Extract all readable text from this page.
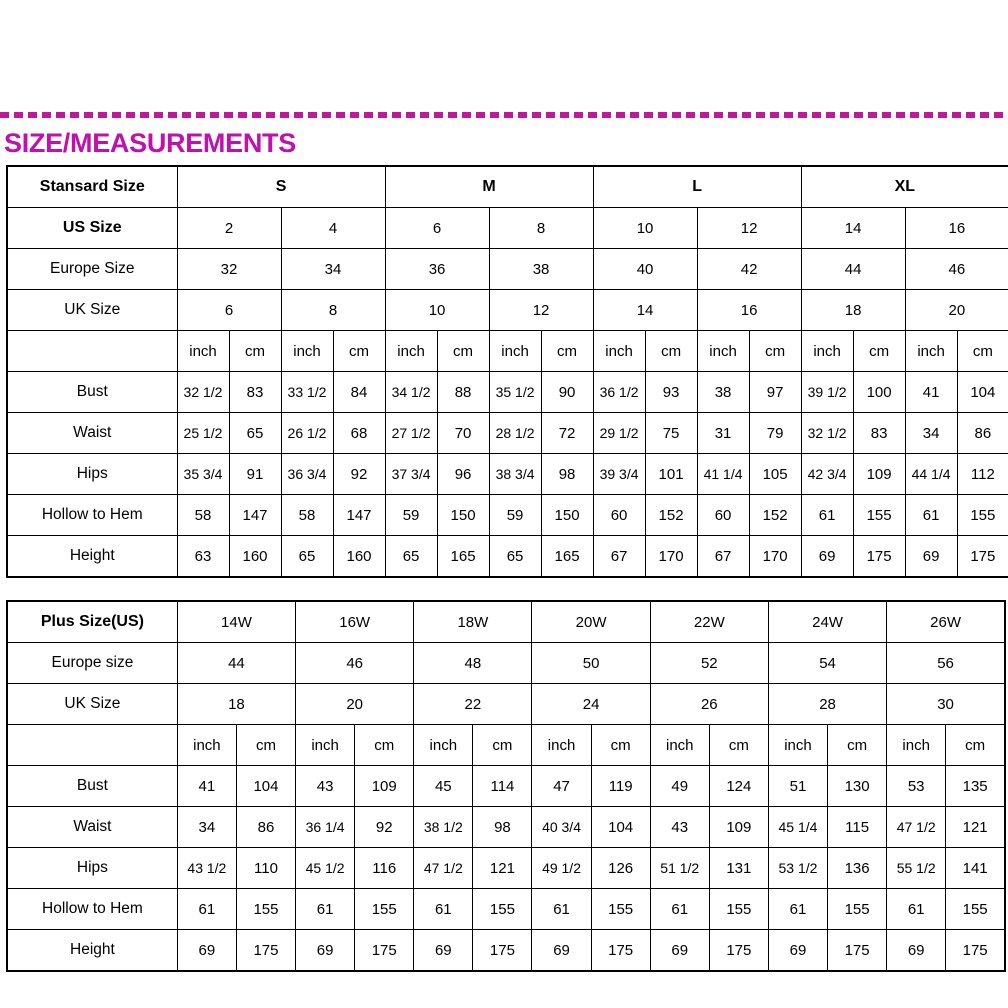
SIZE/MEASUREMENTS
Stansard Size	S				M				L				XL			
US Size	2		4		6		8		10		12		14		16	
Europe Size	32		34		36		38		40		42		44		46	
UK Size	6		8		10		12		14		16		18		20	
	inch	cm	inch	cm	inch	cm	inch	cm	inch	cm	inch	cm	inch	cm	inch	cm
Bust	32 1/2	83	33 1/2	84	34 1/2	88	35 1/2	90	36 1/2	93	38	97	39 1/2	100	41	104
Waist	25 1/2	65	26 1/2	68	27 1/2	70	28 1/2	72	29 1/2	75	31	79	32 1/2	83	34	86
Hips	35 3/4	91	36 3/4	92	37 3/4	96	38 3/4	98	39 3/4	101	41 1/4	105	42 3/4	109	44 1/4	112
Hollow to Hem	58	147	58	147	59	150	59	150	60	152	60	152	61	155	61	155
Height	63	160	65	160	65	165	65	165	67	170	67	170	69	175	69	175
Plus Size(US)	14W		16W		18W		20W		22W		24W		26W	
Europe size	44		46		48		50		52		54		56	
UK Size	18		20		22		24		26		28		30	
	inch	cm	inch	cm	inch	cm	inch	cm	inch	cm	inch	cm	inch	cm
Bust	41	104	43	109	45	114	47	119	49	124	51	130	53	135
Waist	34	86	36 1/4	92	38 1/2	98	40 3/4	104	43	109	45 1/4	115	47 1/2	121
Hips	43 1/2	110	45 1/2	116	47 1/2	121	49 1/2	126	51 1/2	131	53 1/2	136	55 1/2	141
Hollow to Hem	61	155	61	155	61	155	61	155	61	155	61	155	61	155
Height	69	175	69	175	69	175	69	175	69	175	69	175	69	175
